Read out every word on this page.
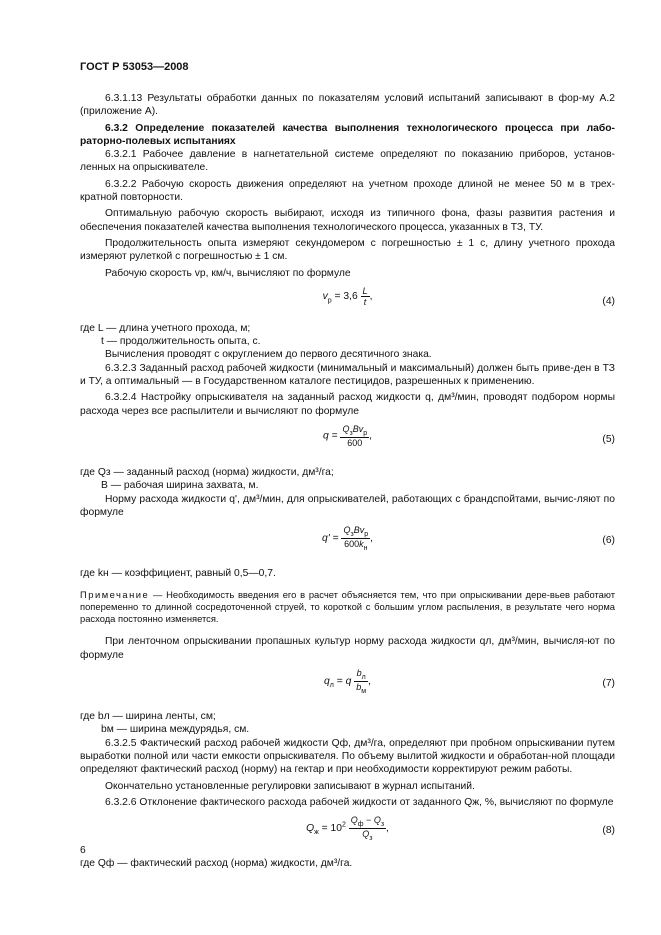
ГОСТ Р 53053—2008

6.3.1.13 Результаты обработки данных по показателям условий испытаний записывают в фор-му А.2 (приложение А).

6.3.2 Определение показателей качества выполнения технологического процесса при лабо-раторно-полевых испытаниях

6.3.2.1 Рабочее давление в нагнетательной системе определяют по показанию приборов, установ-ленных на опрыскивателе.

6.3.2.2 Рабочую скорость движения определяют на учетном проходе длиной не менее 50 м в трех-кратной повторности.

Оптимальную рабочую скорость выбирают, исходя из типичного фона, фазы развития растения и обеспечения показателей качества выполнения технологического процесса, указанных в ТЗ, ТУ.

Продолжительность опыта измеряют секундомером с погрешностью ± 1 с, длину учетного прохода измеряют рулеткой с погрешностью ± 1 см.

Рабочую скорость vр, км/ч, вычисляют по формуле

$v_р = 3,6 \frac{L}{t}$ ,	(4)

где L — длина учетного прохода, м;

t — продолжительность опыта, с.

Вычисления проводят с округлением до первого десятичного знака.

6.3.2.3 Заданный расход рабочей жидкости (минимальный и максимальный) должен быть приве-ден в ТЗ и ТУ, а оптимальный — в Государственном каталоге пестицидов, разрешенных к применению.

6.3.2.4 Настройку опрыскивателя на заданный расход жидкости q, дм³/мин, проводят подбором нормы расхода через все распылители и вычисляют по формуле

$q = \frac{Q_зBv_р}{600}$ ,	(5)

где Qз — заданный расход (норма) жидкости, дм³/га;

B — рабочая ширина захвата, м.

Норму расхода жидкости q', дм³/мин, для опрыскивателей, работающих с брандспойтами, вычис-ляют по формуле

$q' = \frac{Q_зBv_р}{600k_н}$ ,	(6)

где kн — коэффициент, равный 0,5—0,7.

Примечание — Необходимость введения его в расчет объясняется тем, что при опрыскивании дере-вьев работают попеременно то длинной сосредоточенной струей, то короткой с большим углом распыления, в результате чего норма расхода постоянно изменяется.

При ленточном опрыскивании пропашных культур норму расхода жидкости qл, дм³/мин, вычисля-ют по формуле

$q_л = q \frac{b_л}{b_м}$ ,	(7)

где bл — ширина ленты, см;

bм — ширина междурядья, см.

6.3.2.5 Фактический расход рабочей жидкости Qф, дм³/га, определяют при пробном опрыскивании путем выработки полной или части емкости опрыскивателя. По объему вылитой жидкости и обработан-ной площади определяют фактический расход (норму) на гектар и при необходимости корректируют режим работы.

Окончательно установленные регулировки записывают в журнал испытаний.

6.3.2.6 Отклонение фактического расхода рабочей жидкости от заданного Qж, %, вычисляют по формуле

$Q_ж = 10^2 \frac{Q_ф - Q_з}{Q_з}$ ,	(8)

где Qф — фактический расход (норма) жидкости, дм³/га.

6
